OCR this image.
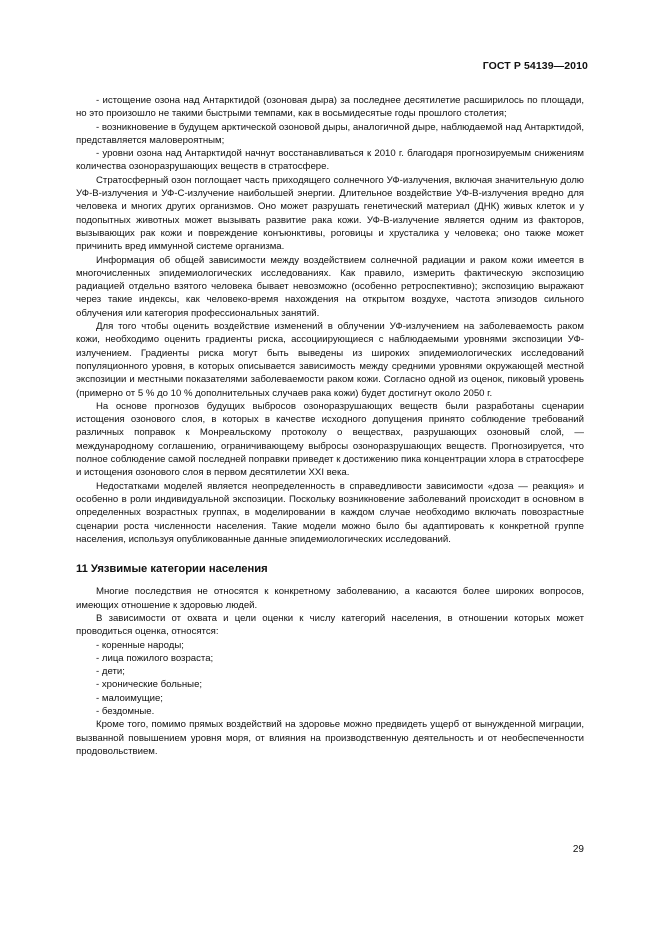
ГОСТ Р 54139—2010

- истощение озона над Антарктидой (озоновая дыра) за последнее десятилетие расширилось по площади, но это произошло не такими быстрыми темпами, как в восьмидесятые годы прошлого столетия;

- возникновение в будущем арктической озоновой дыры, аналогичной дыре, наблюдаемой над Антарктидой, представляется маловероятным;

- уровни озона над Антарктидой начнут восстанавливаться к 2010 г. благодаря прогнозируемым снижениям количества озоноразрушающих веществ в стратосфере.

Стратосферный озон поглощает часть приходящего солнечного УФ-излучения, включая значительную долю УФ-В-излучения и УФ-С-излучение наибольшей энергии. Длительное воздействие УФ-В-излучения вредно для человека и многих других организмов. Оно может разрушать генетический материал (ДНК) живых клеток и у подопытных животных может вызывать развитие рака кожи. УФ-В-излучение является одним из факторов, вызывающих рак кожи и повреждение конъюнктивы, роговицы и хрусталика у человека; оно также может причинить вред иммунной системе организма.

Информация об общей зависимости между воздействием солнечной радиации и раком кожи имеется в многочисленных эпидемиологических исследованиях. Как правило, измерить фактическую экспозицию радиацией отдельно взятого человека бывает невозможно (особенно ретроспективно); экспозицию выражают через такие индексы, как человеко-время нахождения на открытом воздухе, частота эпизодов сильного облучения или категория профессиональных занятий.

Для того чтобы оценить воздействие изменений в облучении УФ-излучением на заболеваемость раком кожи, необходимо оценить градиенты риска, ассоциирующиеся с наблюдаемыми уровнями экспозиции УФ-излучением. Градиенты риска могут быть выведены из широких эпидемиологических исследований популяционного уровня, в которых описывается зависимость между средними уровнями окружающей местной экспозиции и местными показателями заболеваемости раком кожи. Согласно одной из оценок, пиковый уровень (примерно от 5 % до 10 % дополнительных случаев рака кожи) будет достигнут около 2050 г.

На основе прогнозов будущих выбросов озоноразрушающих веществ были разработаны сценарии истощения озонового слоя, в которых в качестве исходного допущения принято соблюдение требований различных поправок к Монреальскому протоколу о веществах, разрушающих озоновый слой, — международному соглашению, ограничивающему выбросы озоноразрушающих веществ. Прогнозируется, что полное соблюдение самой последней поправки приведет к достижению пика концентрации хлора в стратосфере и истощения озонового слоя в первом десятилетии XXI века.

Недостатками моделей является неопределенность в справедливости зависимости «доза — реакция» и особенно в роли индивидуальной экспозиции. Поскольку возникновение заболеваний происходит в основном в определенных возрастных группах, в моделировании в каждом случае необходимо включать повозрастные сценарии роста численности населения. Такие модели можно было бы адаптировать к конкретной группе населения, используя опубликованные данные эпидемиологических исследований.

11 Уязвимые категории населения

Многие последствия не относятся к конкретному заболеванию, а касаются более широких вопросов, имеющих отношение к здоровью людей.

В зависимости от охвата и цели оценки к числу категорий населения, в отношении которых может проводиться оценка, относятся:

- коренные народы;
- лица пожилого возраста;
- дети;
- хронические больные;
- малоимущие;
- бездомные.

Кроме того, помимо прямых воздействий на здоровье можно предвидеть ущерб от вынужденной миграции, вызванной повышением уровня моря, от влияния на производственную деятельность и от необеспеченности продовольствием.

29
